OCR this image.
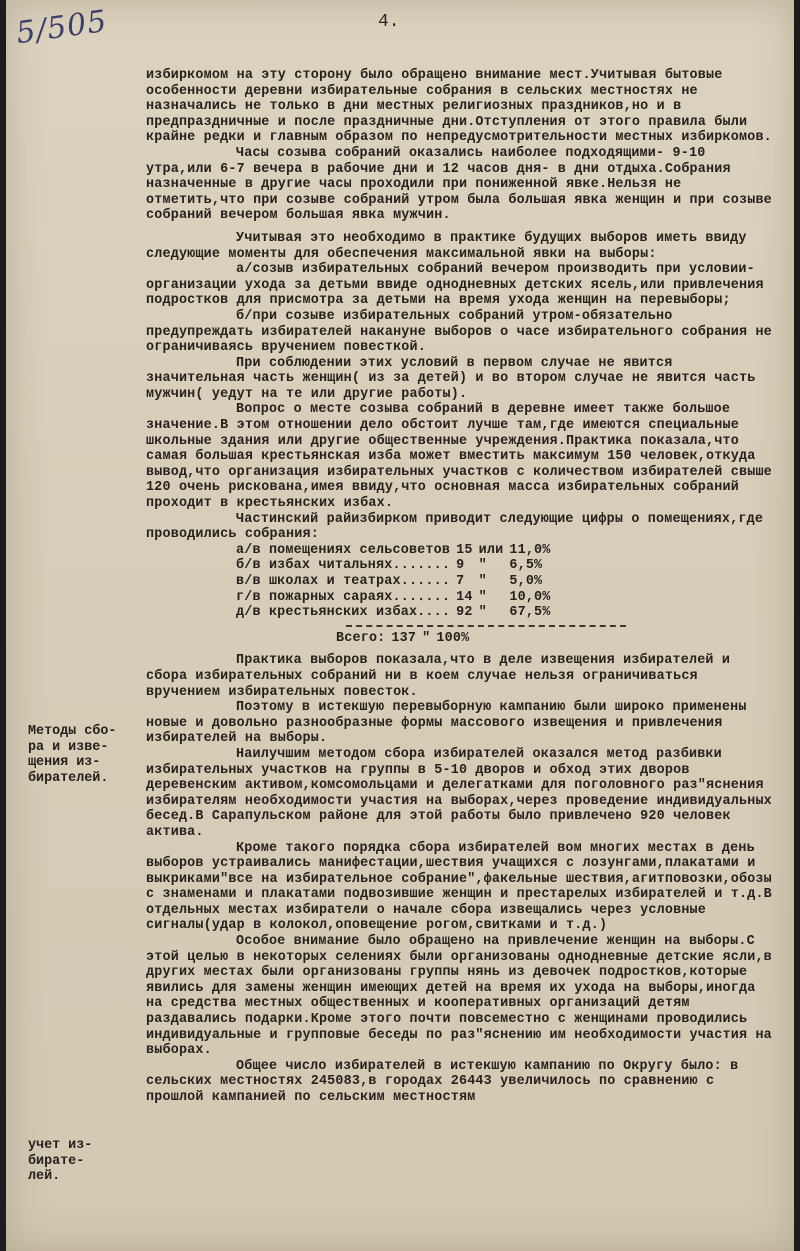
5/505	4.
Методы сбо-
ра и изве-
щения из-
бирателей.
учет из-
бирате-
лей.

избиркомом на эту сторону было обращено внимание мест.Учитывая бытовые особенности деревни избирательные собрания в сельских местностях не назначались не только в дни местных религиозных праздников,но и в предпраздничные и после праздничные дни.Отступления от этого правила были крайне редки и главным образом по непредусмотрительности местных избиркомов.

Часы созыва собраний оказались наиболее подходящими- 9-10 утра,или 6-7 вечера в рабочие дни и 12 часов дня- в дни отдыха.Собрания назначенные в другие часы проходили при пониженной явке.Нельзя не отметить,что при созыве собраний утром была большая явка женщин и при созыве собраний вечером большая явка мужчин.

Учитывая это необходимо в практике будущих выборов иметь ввиду следующие моменты для обеспечения максимальной явки на выборы:

а/созыв избирательных собраний вечером производить при условии- организации ухода за детьми ввиде однодневных детских ясель,или привлечения подростков для присмотра за детьми на время ухода женщин на перевыборы;

б/при созыве избирательных собраний утром-обязательно предупреждать избирателей накануне выборов о часе избирательного собрания не ограничиваясь вручением повесткой.

При соблюдении этих условий в первом случае не явится значительная часть женщин( из за детей) и во втором случае не явится часть мужчин( уедут на те или другие работы).

Вопрос о месте созыва собраний в деревне имеет также большое значение.В этом отношении дело обстоит лучше там,где имеются специальные школьные здания или другие общественные учреждения.Практика показала,что самая большая крестьянская изба может вместить максимум 150 человек,откуда вывод,что организация избирательных участков с количеством избирателей свыше 120 очень рискована,имея ввиду,что основная масса избирательных собраний проходит в крестьянских избах.

Частинский райизбирком приводит следующие цифры о помещениях,где проводились собрания:

а/в помещениях сельсоветов	15	или	11,0%
б/в избах читальнях.......	9	"	6,5%
в/в школах и театрах......	7	"	5,0%
г/в пожарных сараях.......	14	"	10,0%
д/в крестьянских избах....	92	"	67,5%
Всего:	137	"	100%

Практика выборов показала,что в деле извещения избирателей и сбора избирательных собраний ни в коем случае нельзя ограничиваться вручением избирательных повесток.

Поэтому в истекшую перевыборную кампанию были широко применены новые и довольно разнообразные формы массового извещения и привлечения избирателей на выборы.

Наилучшим методом сбора избирателей оказался метод разбивки избирательных участков на группы в 5-10 дворов и обход этих дворов деревенским активом,комсомольцами и делегатками для поголовного раз"яснения избирателям необходимости участия на выборах,через проведение индивидуальных бесед.В Сарапульском районе для этой работы было привлечено 920 человек актива.

Кроме такого порядка сбора избирателей вом многих местах в день выборов устраивались манифестации,шествия учащихся с лозунгами,плакатами и выкриками"все на избирательное собрание",факельные шествия,агитповозки,обозы с знаменами и плакатами подвозившие женщин и престарелых избирателей и т.д.В отдельных местах избиратели о начале сбора извещались через условные сигналы(удар в колокол,оповещение рогом,свитками и т.д.)

Особое внимание было обращено на привлечение женщин на выборы.С этой целью в некоторых селениях были организованы однодневные детские ясли,в других местах были организованы группы нянь из девочек подростков,которые явились для замены женщин имеющих детей на время их ухода на выборы,иногда на средства местных общественных и кооперативных организаций детям раздавались подарки.Кроме этого почти повсеместно с женщинами проводились индивидуальные и групповые беседы по раз"яснению им необходимости участия на выборах.

Общее число избирателей в истекшую кампанию по Округу было: в сельских местностях 245083,в городах 26443 увеличилось по сравнению с прошлой кампанией по сельским местностям
